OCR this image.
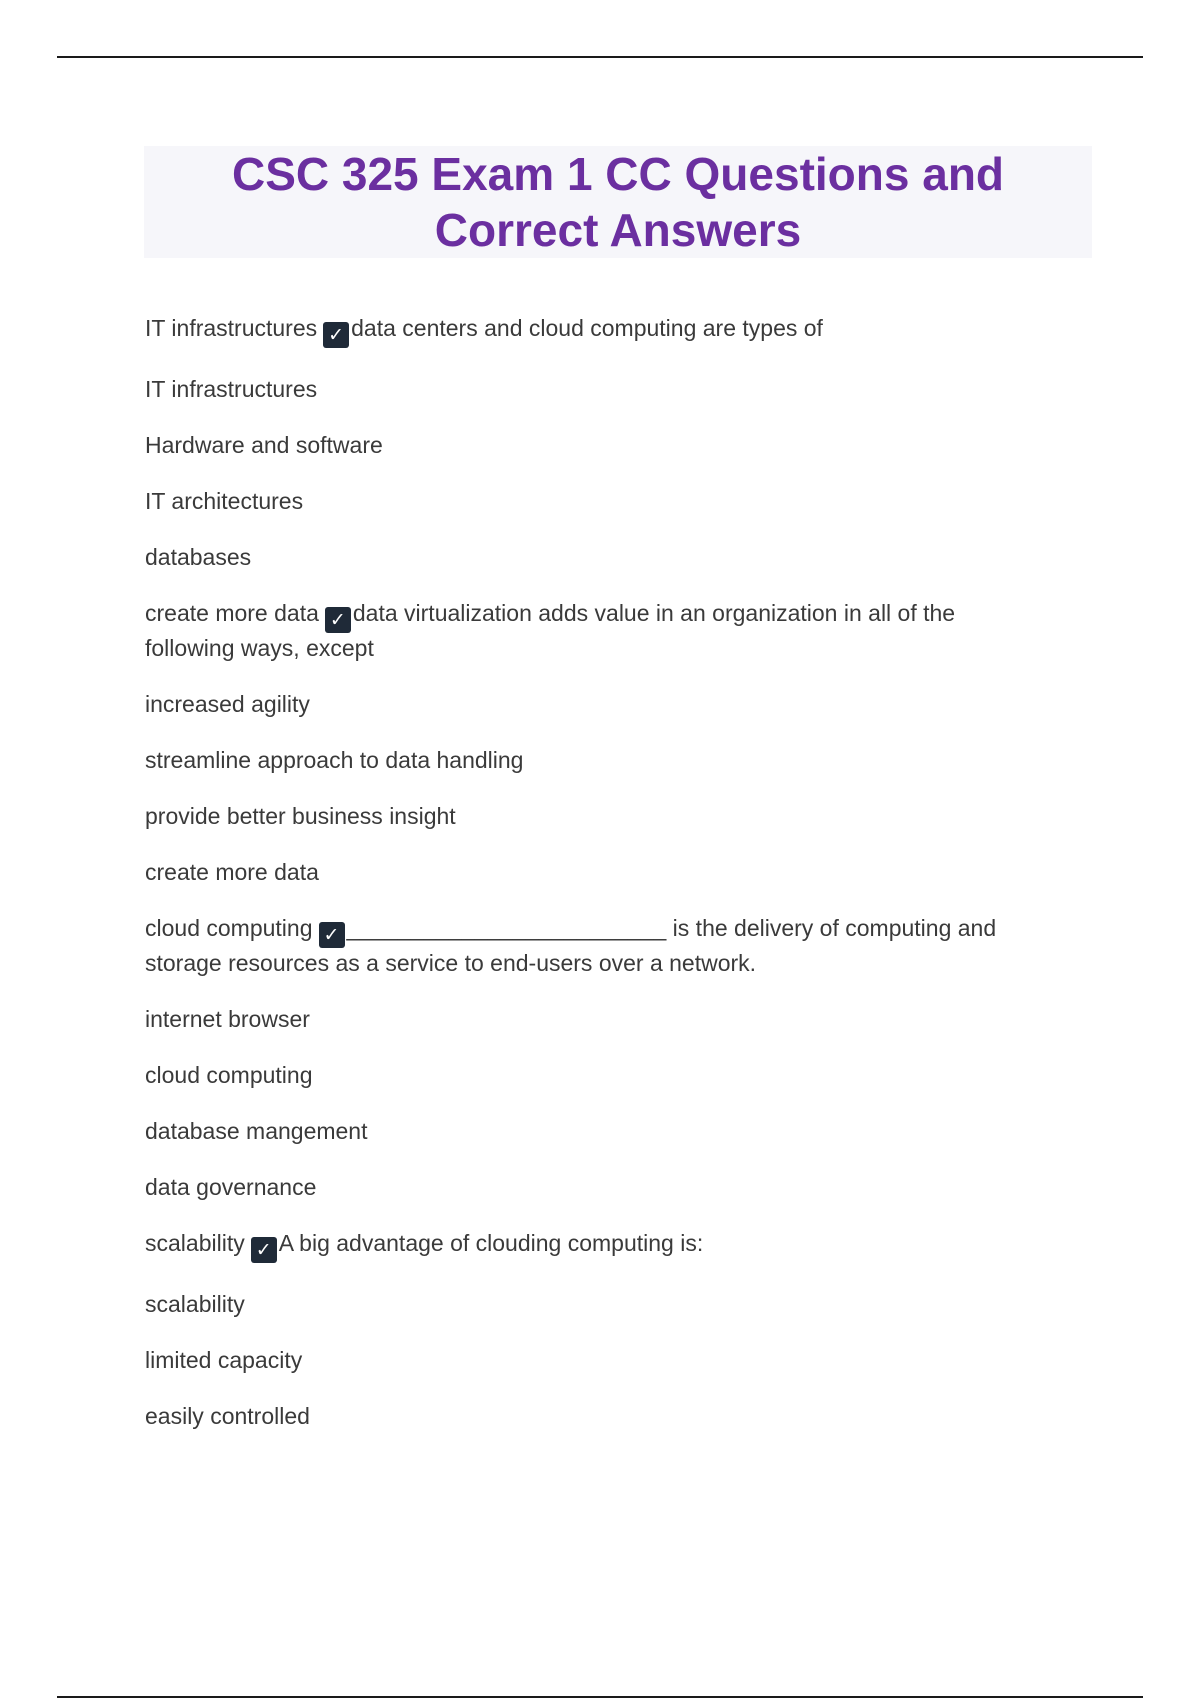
CSC 325 Exam 1 CC Questions and Correct Answers

IT infrastructures ✓ data centers and cloud computing are types of

IT infrastructures

Hardware and software

IT architectures

databases

create more data ✓ data virtualization adds value in an organization in all of the following ways, except

increased agility

streamline approach to data handling

provide better business insight

create more data

cloud computing ✓ _________________________ is the delivery of computing and storage resources as a service to end-users over a network.

internet browser

cloud computing

database mangement

data governance

scalability ✓ A big advantage of clouding computing is:

scalability

limited capacity

easily controlled
